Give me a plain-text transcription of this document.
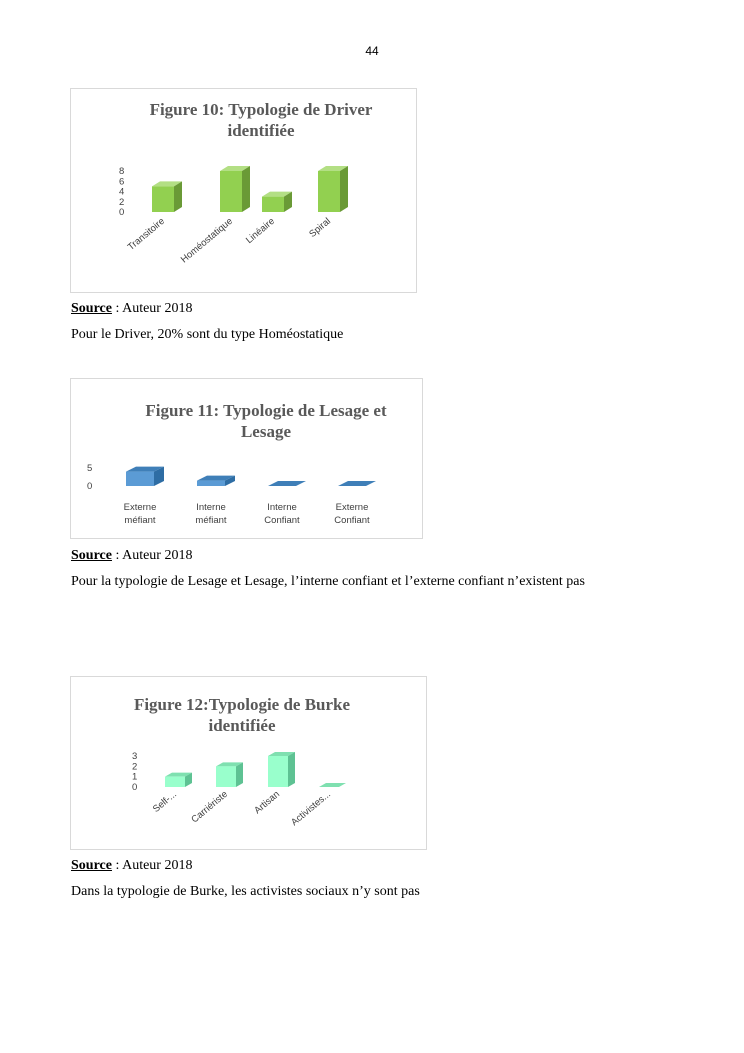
44
Figure 10: Typologie de Driver
identifiée
0
2
4
6
8
Transitoire Homéostatique Linéaire	Spiral
Source : Auteur 2018
Pour le Driver, 20% sont du type Homéostatique
Figure 11: Typologie de Lesage et
Lesage
0
5
Externe
méfiant
Interne
méfiant
Interne
Confiant
Externe
Confiant
Source : Auteur 2018
Pour la typologie de Lesage et Lesage, l’interne confiant et l’externe confiant n’existent pas
Figure 12:Typologie de Burke
identifiée
0
1
2
3
Self-... Carriériste Artisan Activistes...
Source : Auteur 2018
Dans la typologie de Burke, les activistes sociaux n’y sont pas
